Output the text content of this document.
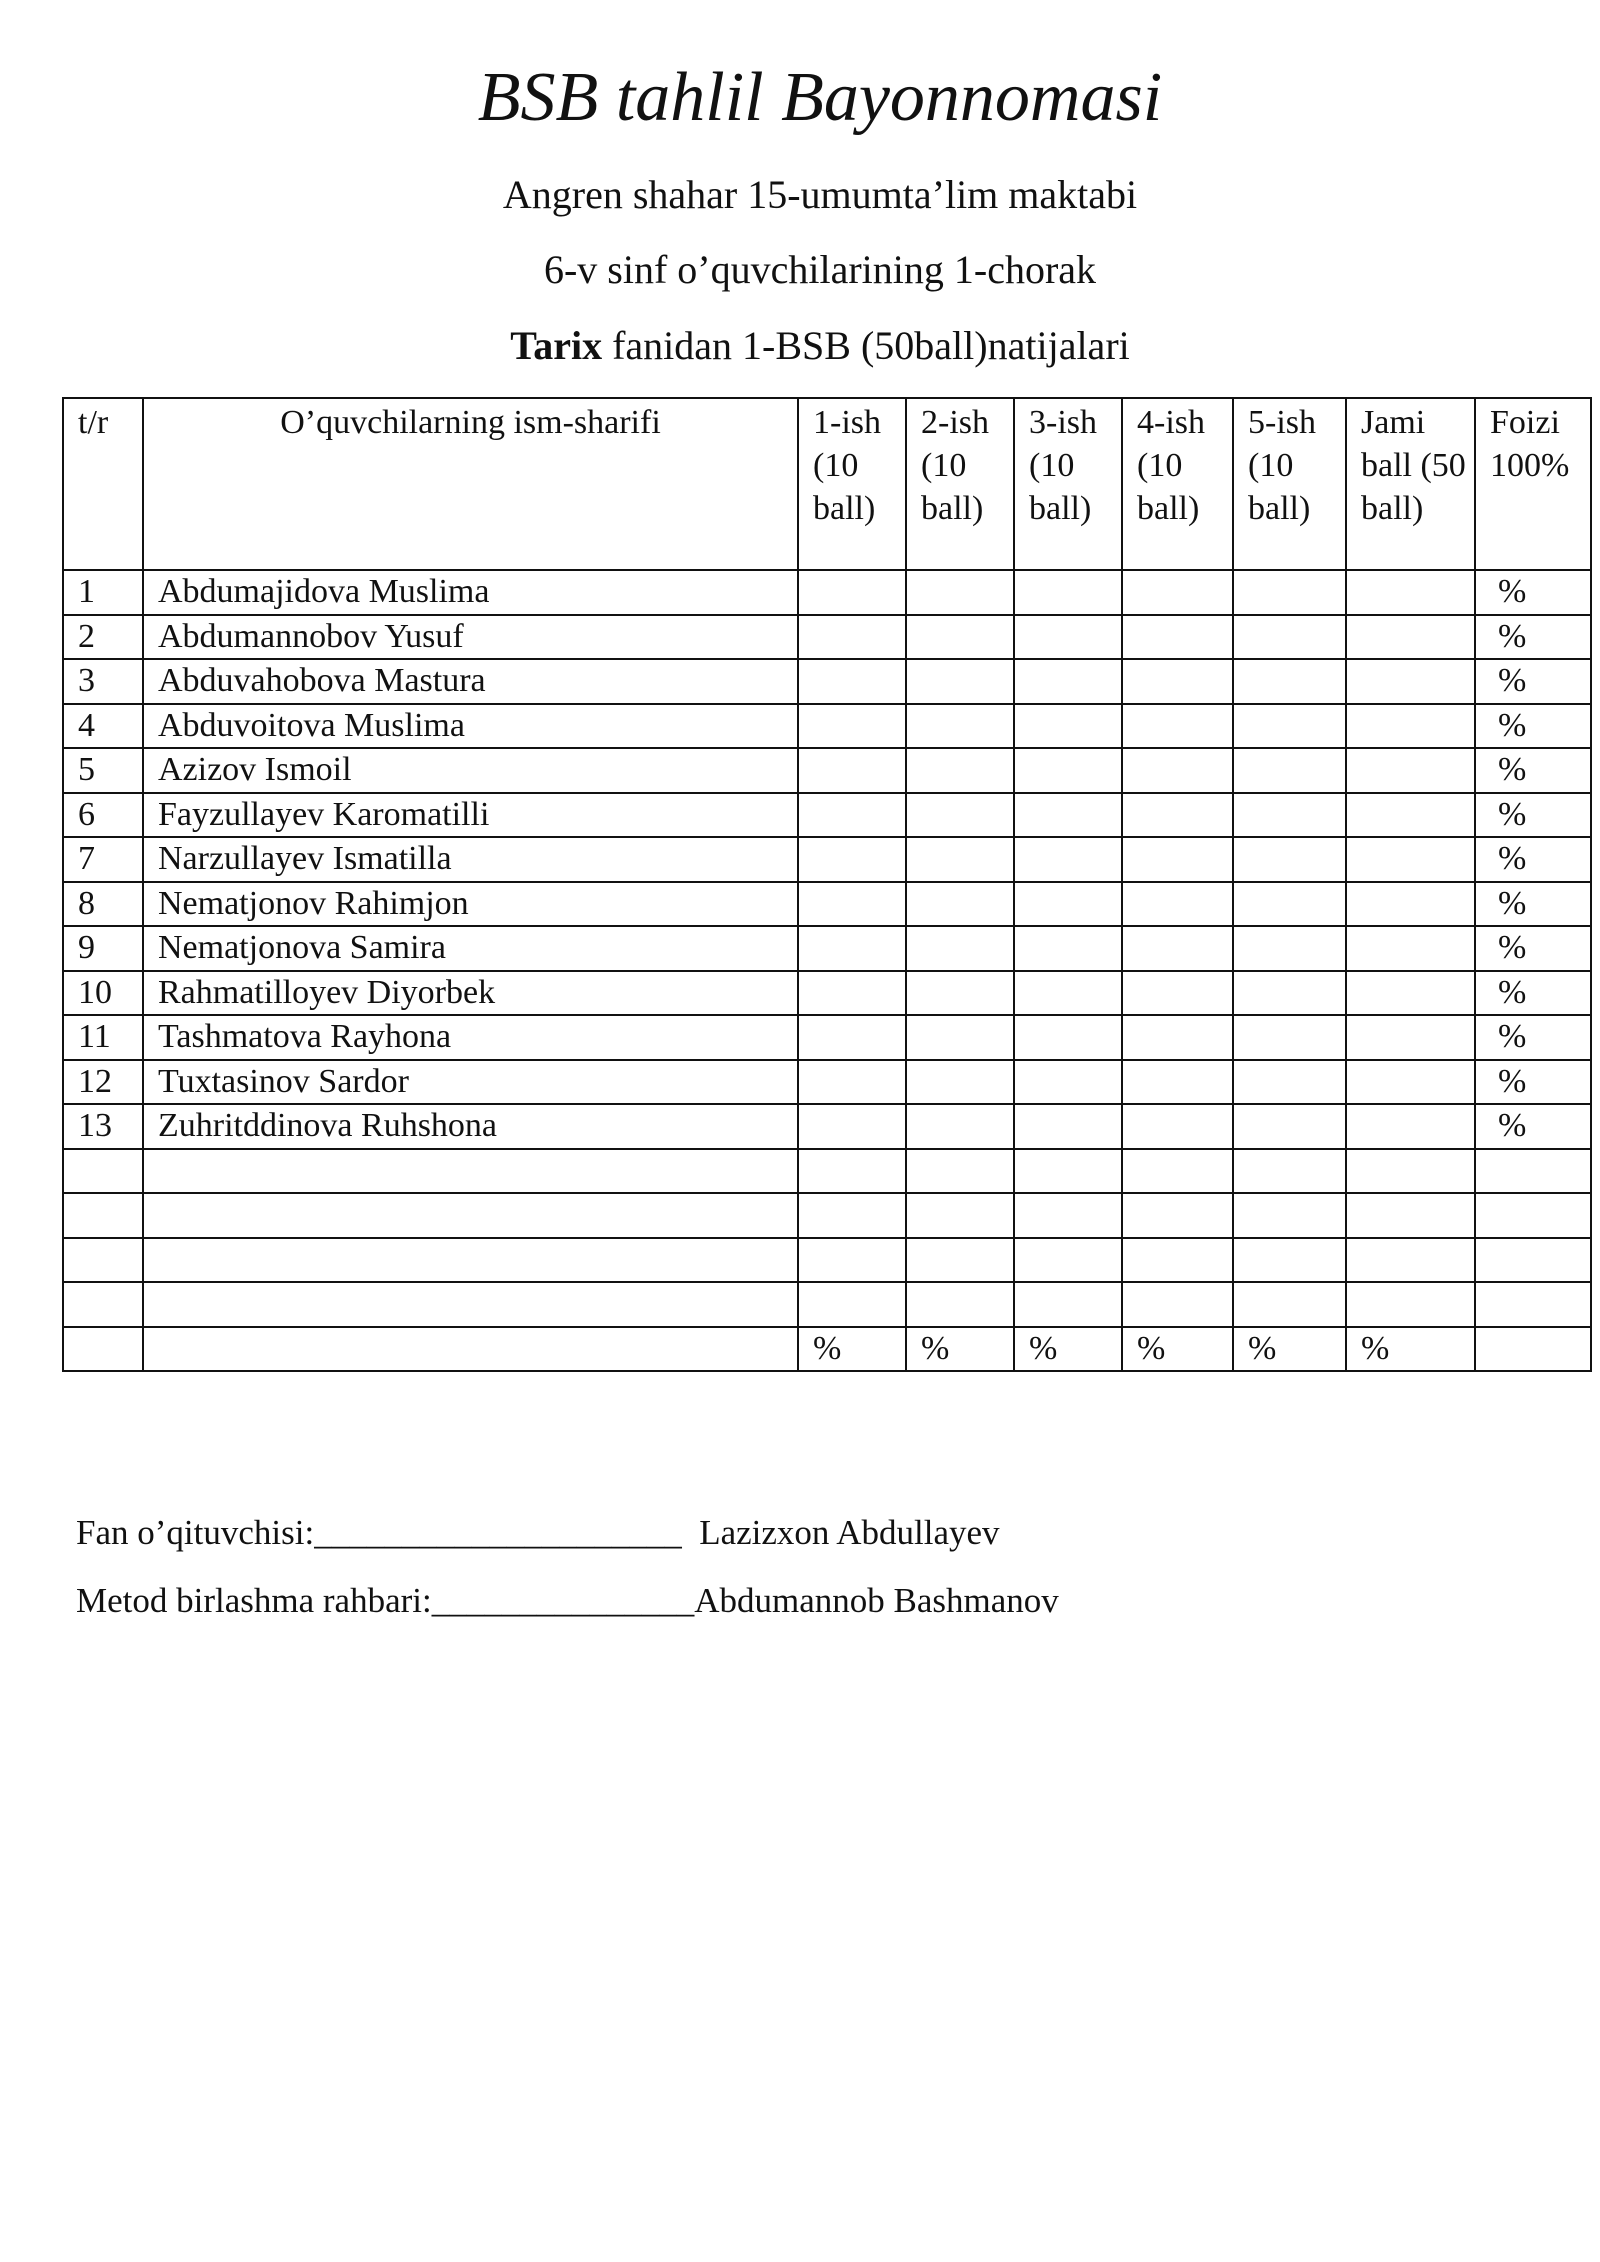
BSB tahlil Bayonnomasi
Angren shahar 15-umumta’lim maktabi
6-v sinf o’quvchilarining 1-chorak
Tarix fanidan 1-BSB (50ball)natijalari
t/r	O’quvchilarning ism-sharifi	1-ish (10 ball)	2-ish (10 ball)	3-ish (10 ball)	4-ish (10 ball)	5-ish (10 ball)	Jami ball (50 ball)	Foizi 100%
1	Abdumajidova Muslima							%
2	Abdumannobov Yusuf							%
3	Abduvahobova Mastura							%
4	Abduvoitova Muslima							%
5	Azizov Ismoil							%
6	Fayzullayev Karomatilli							%
7	Narzullayev Ismatilla							%
8	Nematjonov Rahimjon							%
9	Nematjonova Samira							%
10	Rahmatilloyev Diyorbek							%
11	Tashmatova Rayhona							%
12	Tuxtasinov Sardor							%
13	Zuhritddinova Ruhshona							%

		%	%	%	%	%	%	
Fan o’qituvchisi:_____________________  Lazizxon Abdullayev
Metod birlashma rahbari:_______________Abdumannob Bashmanov
